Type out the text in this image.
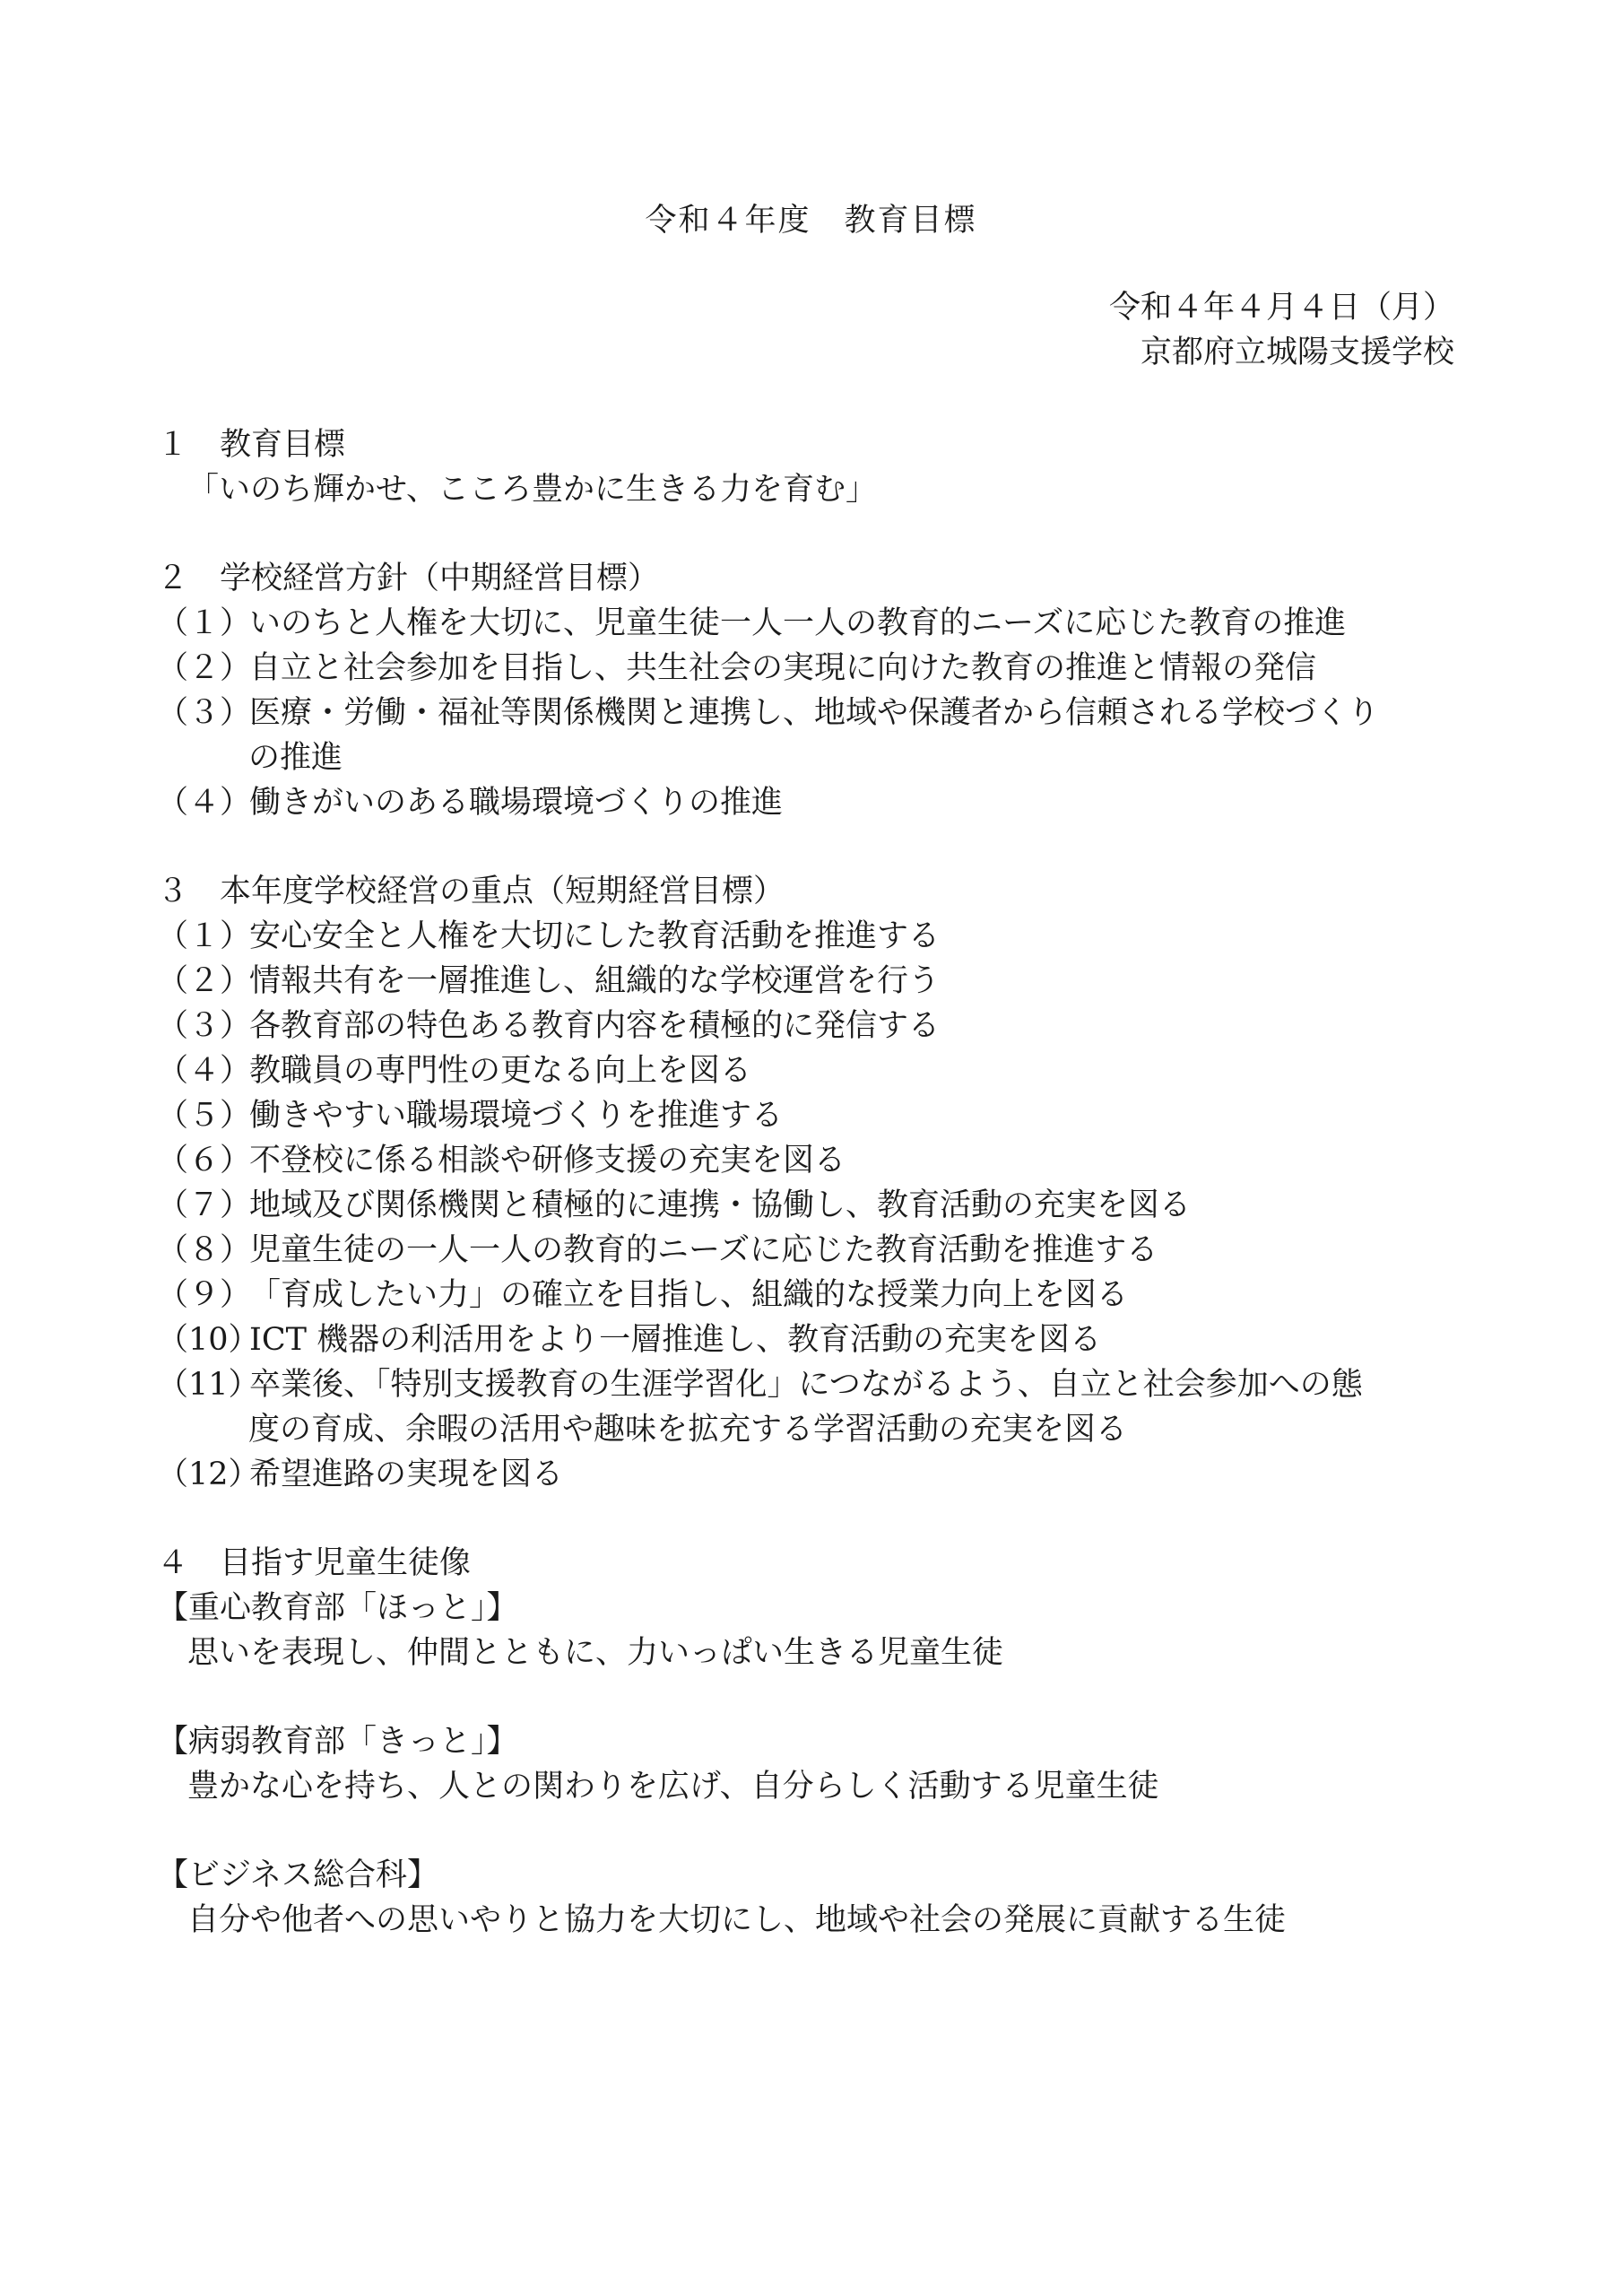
令和４年度　教育目標
令和４年４月４日（月）
京都府立城陽支援学校
１ 教育目標
「いのち輝かせ、こころ豊かに生きる力を育む」
２ 学校経営方針（中期経営目標）
（１）いのちと人権を大切に、児童生徒一人一人の教育的ニーズに応じた教育の推進
（２）自立と社会参加を目指し、共生社会の実現に向けた教育の推進と情報の発信
（３）医療・労働・福祉等関係機関と連携し、地域や保護者から信頼される学校づくり
の推進
（４）働きがいのある職場環境づくりの推進
３ 本年度学校経営の重点（短期経営目標）
（１）安心安全と人権を大切にした教育活動を推進する
（２）情報共有を一層推進し、組織的な学校運営を行う
（３）各教育部の特色ある教育内容を積極的に発信する
（４）教職員の専門性の更なる向上を図る
（５）働きやすい職場環境づくりを推進する
（６）不登校に係る相談や研修支援の充実を図る
（７）地域及び関係機関と積極的に連携・協働し、教育活動の充実を図る
（８）児童生徒の一人一人の教育的ニーズに応じた教育活動を推進する
（９）「育成したい力」の確立を目指し、組織的な授業力向上を図る
（10）ICT 機器の利活用をより一層推進し、教育活動の充実を図る
（11）卒業後、「特別支援教育の生涯学習化」につながるよう、自立と社会参加への態
度の育成、余暇の活用や趣味を拡充する学習活動の充実を図る
（12）希望進路の実現を図る
４ 目指す児童生徒像
【重心教育部「ほっと」】
思いを表現し、仲間とともに、力いっぱい生きる児童生徒
【病弱教育部「きっと」】
豊かな心を持ち、人との関わりを広げ、自分らしく活動する児童生徒
【ビジネス総合科】
自分や他者への思いやりと協力を大切にし、地域や社会の発展に貢献する生徒
